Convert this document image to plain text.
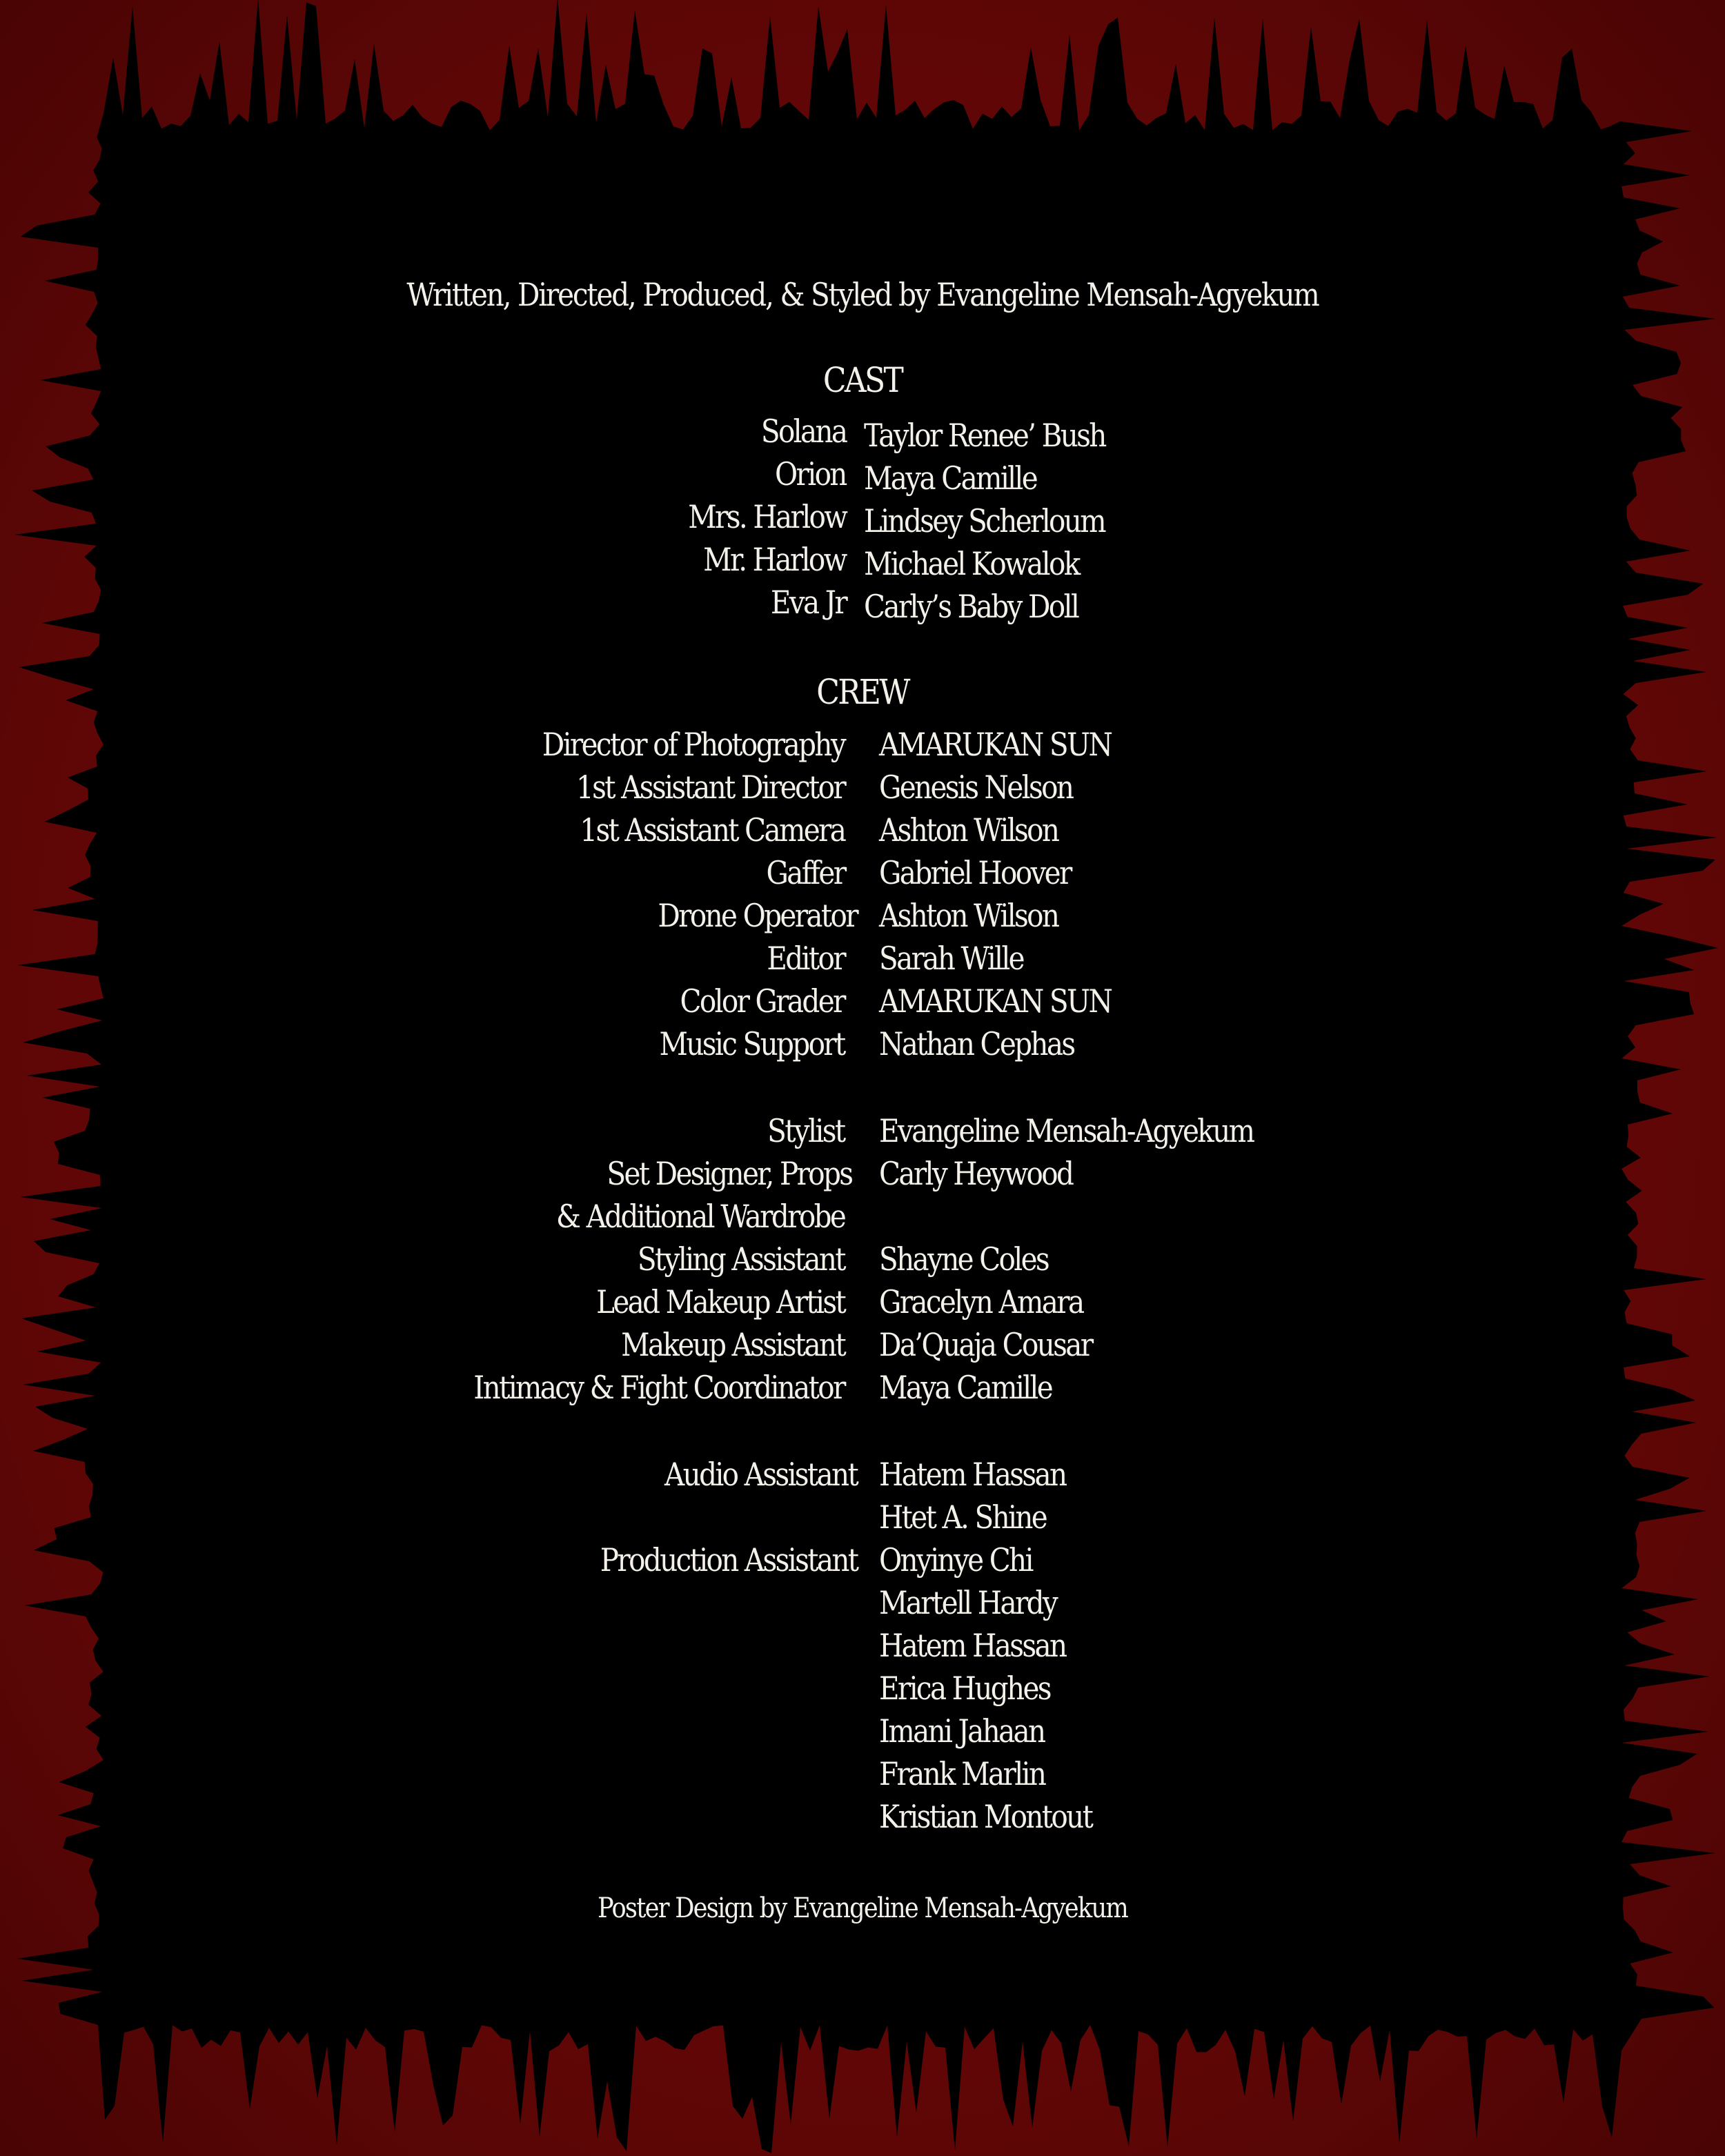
Written, Directed, Produced, & Styled by Evangeline Mensah-Agyekum
CAST
Solana Taylor Renee’ Bush
Orion Maya Camille
Mrs. Harlow Lindsey Scherloum
Mr. Harlow Michael Kowalok
Eva Jr Carly’s Baby Doll
CREW
Director of Photography AMARUKAN SUN
1st Assistant Director Genesis Nelson
1st Assistant Camera Ashton Wilson
Gaffer Gabriel Hoover
Drone Operator Ashton Wilson
Editor Sarah Wille
Color Grader AMARUKAN SUN
Music Support Nathan Cephas
Stylist Evangeline Mensah-Agyekum
Set Designer, Props Carly Heywood
& Additional Wardrobe
Styling Assistant Shayne Coles
Lead Makeup Artist Gracelyn Amara
Makeup Assistant Da’Quaja Cousar
Intimacy & Fight Coordinator Maya Camille
Audio Assistant Hatem Hassan
Htet A. Shine
Production Assistant Onyinye Chi
Martell Hardy
Hatem Hassan
Erica Hughes
Imani Jahaan
Frank Marlin
Kristian Montout
Poster Design by Evangeline Mensah-Agyekum
